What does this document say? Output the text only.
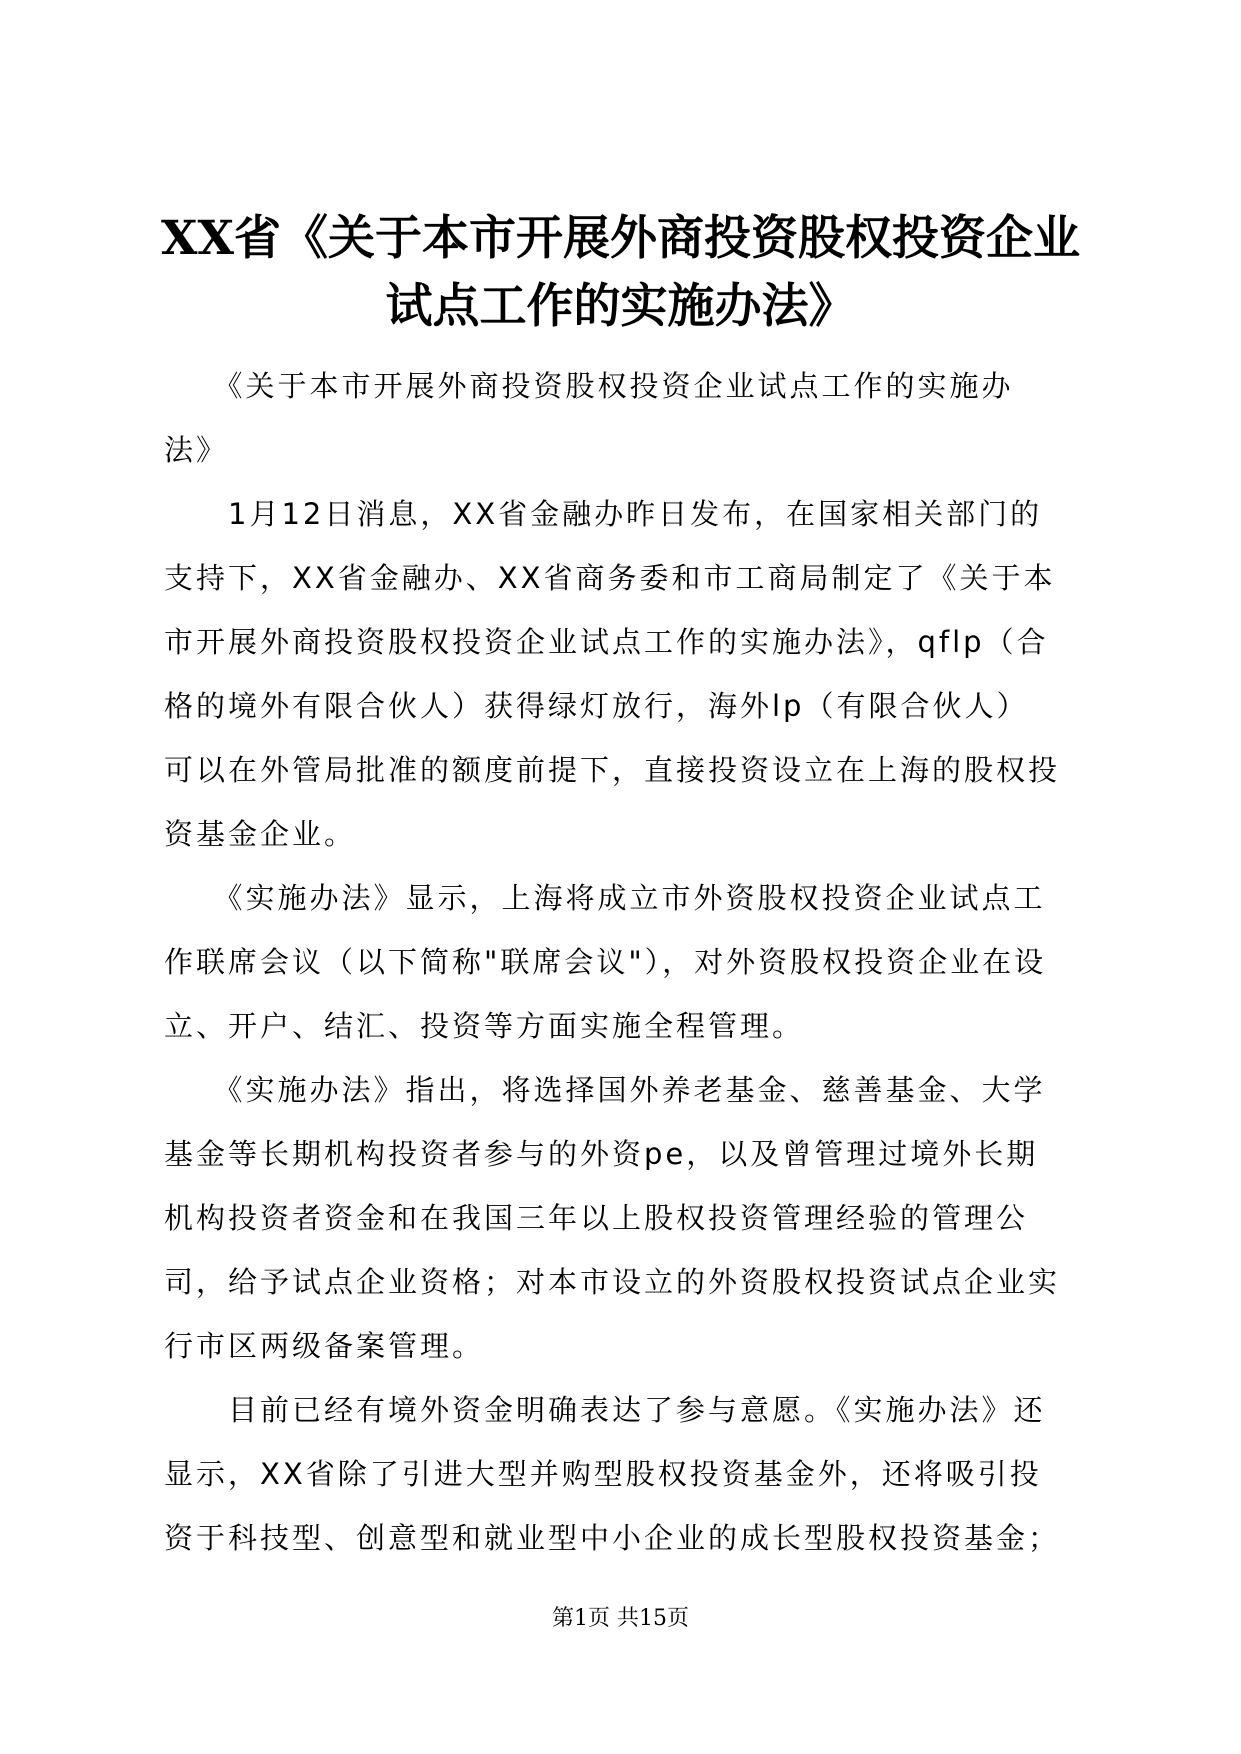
XX省《关于本市开展外商投资股权投资企业
试点工作的实施办法》
　　《关于本市开展外商投资股权投资企业试点工作的实施办
法》
　　1月12日消息，XX省金融办昨日发布，在国家相关部门的
支持下，XX省金融办、XX省商务委和市工商局制定了《关于本
市开展外商投资股权投资企业试点工作的实施办法》，qflp（合
格的境外有限合伙人）获得绿灯放行，海外lp（有限合伙人）
可以在外管局批准的额度前提下，直接投资设立在上海的股权投
资基金企业。
　　《实施办法》显示，上海将成立市外资股权投资企业试点工
作联席会议（以下简称"联席会议"），对外资股权投资企业在设
立、开户、结汇、投资等方面实施全程管理。
　　《实施办法》指出，将选择国外养老基金、慈善基金、大学
基金等长期机构投资者参与的外资pe，以及曾管理过境外长期
机构投资者资金和在我国三年以上股权投资管理经验的管理公
司，给予试点企业资格；对本市设立的外资股权投资试点企业实
行市区两级备案管理。
　　目前已经有境外资金明确表达了参与意愿。《实施办法》还
显示，XX省除了引进大型并购型股权投资基金外，还将吸引投
资于科技型、创意型和就业型中小企业的成长型股权投资基金；
第1页 共15页
